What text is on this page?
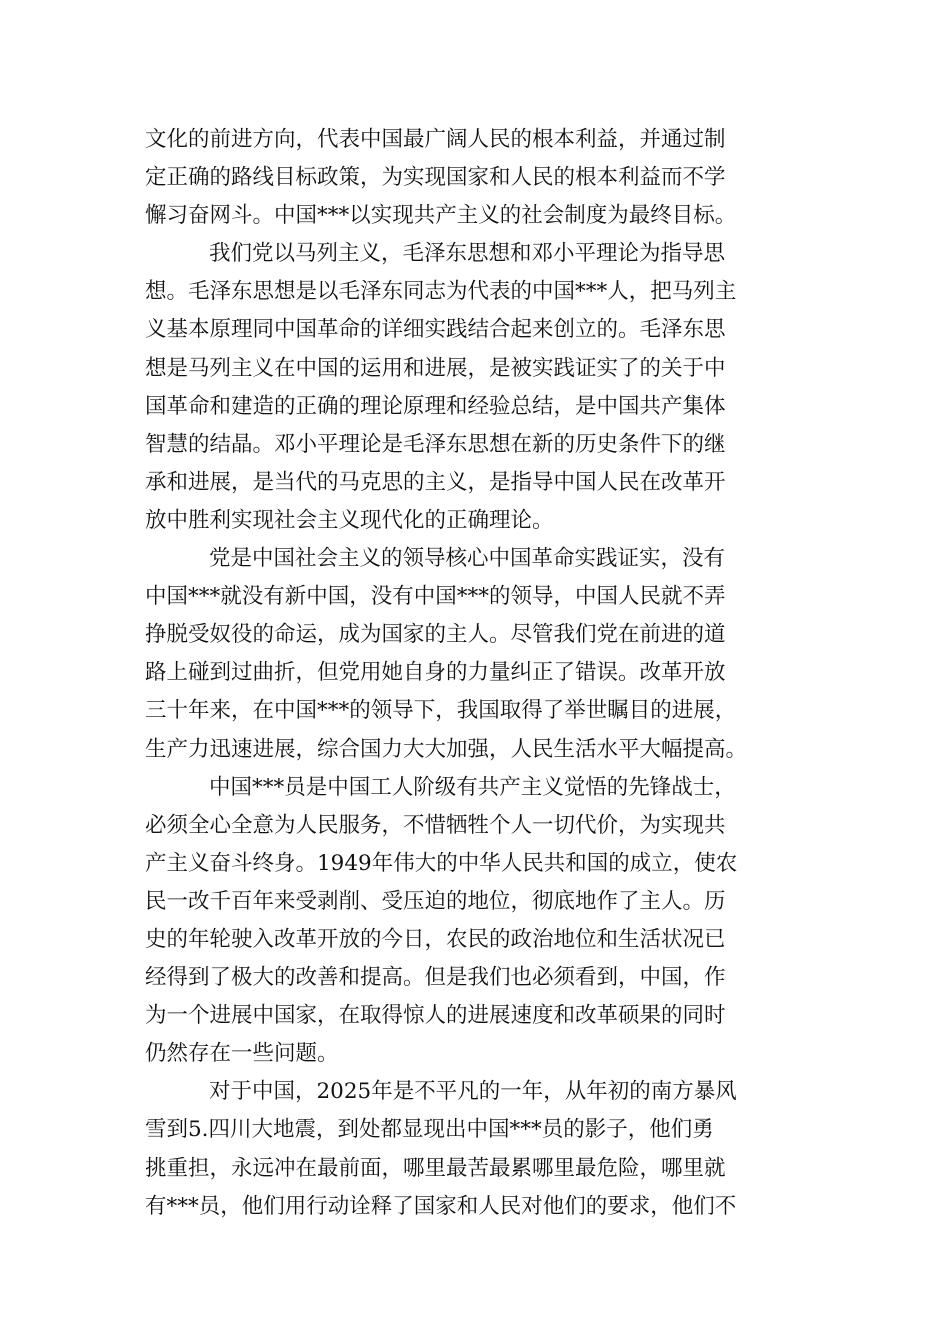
文化的前进方向，代表中国最广阔人民的根本利益，并通过制
定正确的路线目标政策，为实现国家和人民的根本利益而不学
懈习奋网斗。中国***以实现共产主义的社会制度为最终目标。
我们党以马列主义，毛泽东思想和邓小平理论为指导思
想。毛泽东思想是以毛泽东同志为代表的中国***人，把马列主
义基本原理同中国革命的详细实践结合起来创立的。毛泽东思
想是马列主义在中国的运用和进展，是被实践证实了的关于中
国革命和建造的正确的理论原理和经验总结，是中国共产集体
智慧的结晶。邓小平理论是毛泽东思想在新的历史条件下的继
承和进展，是当代的马克思的主义，是指导中国人民在改革开
放中胜利实现社会主义现代化的正确理论。
党是中国社会主义的领导核心中国革命实践证实，没有
中国***就没有新中国，没有中国***的领导，中国人民就不弄
挣脱受奴役的命运，成为国家的主人。尽管我们党在前进的道
路上碰到过曲折，但党用她自身的力量纠正了错误。改革开放
三十年来，在中国***的领导下，我国取得了举世瞩目的进展，
生产力迅速进展，综合国力大大加强，人民生活水平大幅提高。
中国***员是中国工人阶级有共产主义觉悟的先锋战士，
必须全心全意为人民服务，不惜牺牲个人一切代价，为实现共
产主义奋斗终身。1949年伟大的中华人民共和国的成立，使农
民一改千百年来受剥削、受压迫的地位，彻底地作了主人。历
史的年轮驶入改革开放的今日，农民的政治地位和生活状况已
经得到了极大的改善和提高。但是我们也必须看到，中国，作
为一个进展中国家，在取得惊人的进展速度和改革硕果的同时
仍然存在一些问题。
对于中国，2025年是不平凡的一年，从年初的南方暴风
雪到5.四川大地震，到处都显现出中国***员的影子，他们勇
挑重担，永远冲在最前面，哪里最苦最累哪里最危险，哪里就
有***员，他们用行动诠释了国家和人民对他们的要求，他们不
